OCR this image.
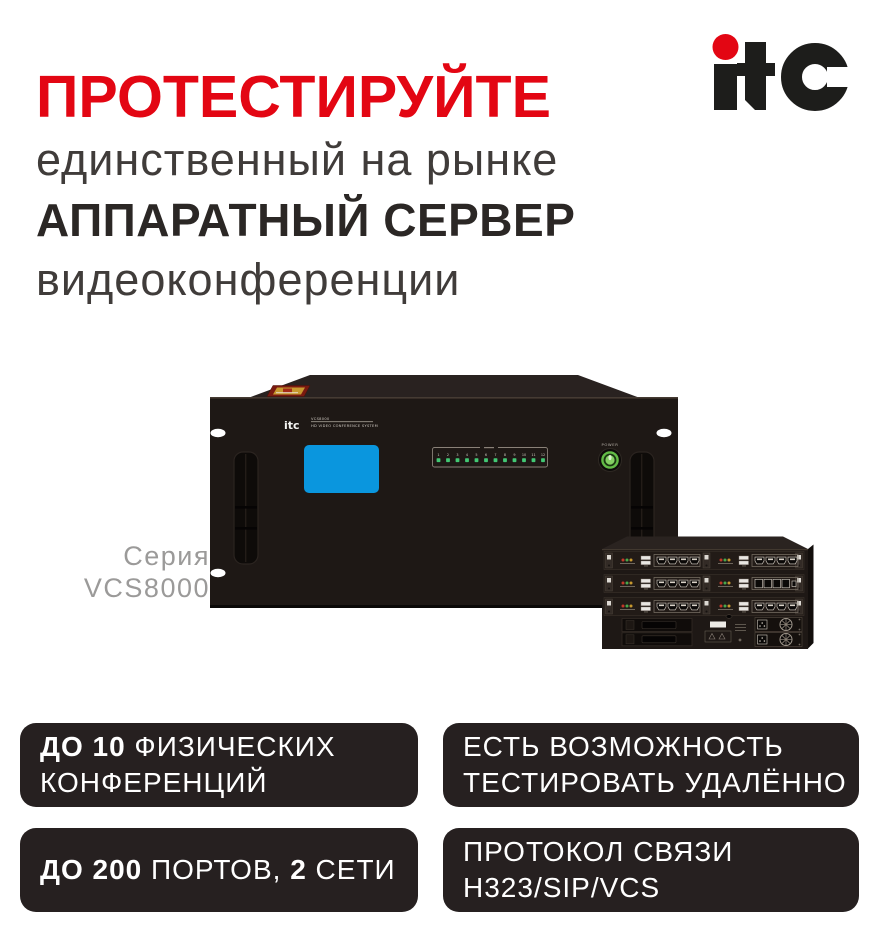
ПРОТЕСТИРУЙТЕ
единственный на рынке
АППАРАТНЫЙ СЕРВЕР
видеоконференции
Серия
VCS8000
itc	VCS8000
HD VIDEO CONFERENCE SYSTEM
1 2 3 4 5 6 7 8 9 10 11 12
POWER
ДО 10 ФИЗИЧЕСКИХ
КОНФЕРЕНЦИЙ
ЕСТЬ ВОЗМОЖНОСТЬ
ТЕСТИРОВАТЬ УДАЛЁННО
ДО 200 ПОРТОВ, 2 СЕТИ
ПРОТОКОЛ СВЯЗИ
H323/SIP/VCS
